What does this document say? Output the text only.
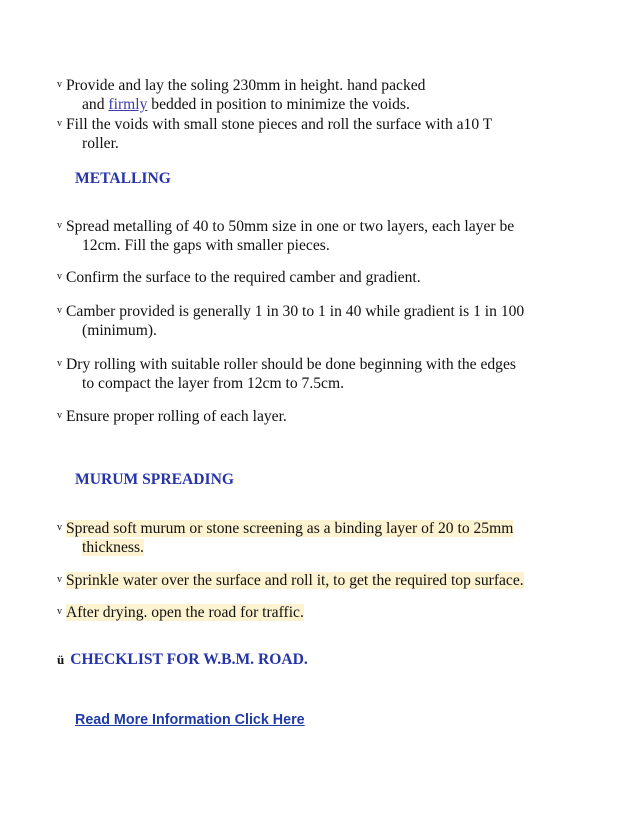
v Provide and lay the soling 230mm in height. hand packed
and firmly bedded in position to minimize the voids.
v Fill the voids with small stone pieces and roll the surface with a10 T
roller.
METALLING
v Spread metalling of 40 to 50mm size in one or two layers, each layer be
12cm. Fill the gaps with smaller pieces.
v Confirm the surface to the required camber and gradient.
v Camber provided is generally 1 in 30 to 1 in 40 while gradient is 1 in 100
(minimum).
v Dry rolling with suitable roller should be done beginning with the edges
to compact the layer from 12cm to 7.5cm.
v Ensure proper rolling of each layer.
MURUM SPREADING
v Spread soft murum or stone screening as a binding layer of 20 to 25mm
thickness.
v Sprinkle water over the surface and roll it, to get the required top surface.
v After drying. open the road for traffic.
ü CHECKLIST FOR W.B.M. ROAD.
Read More Information Click Here
